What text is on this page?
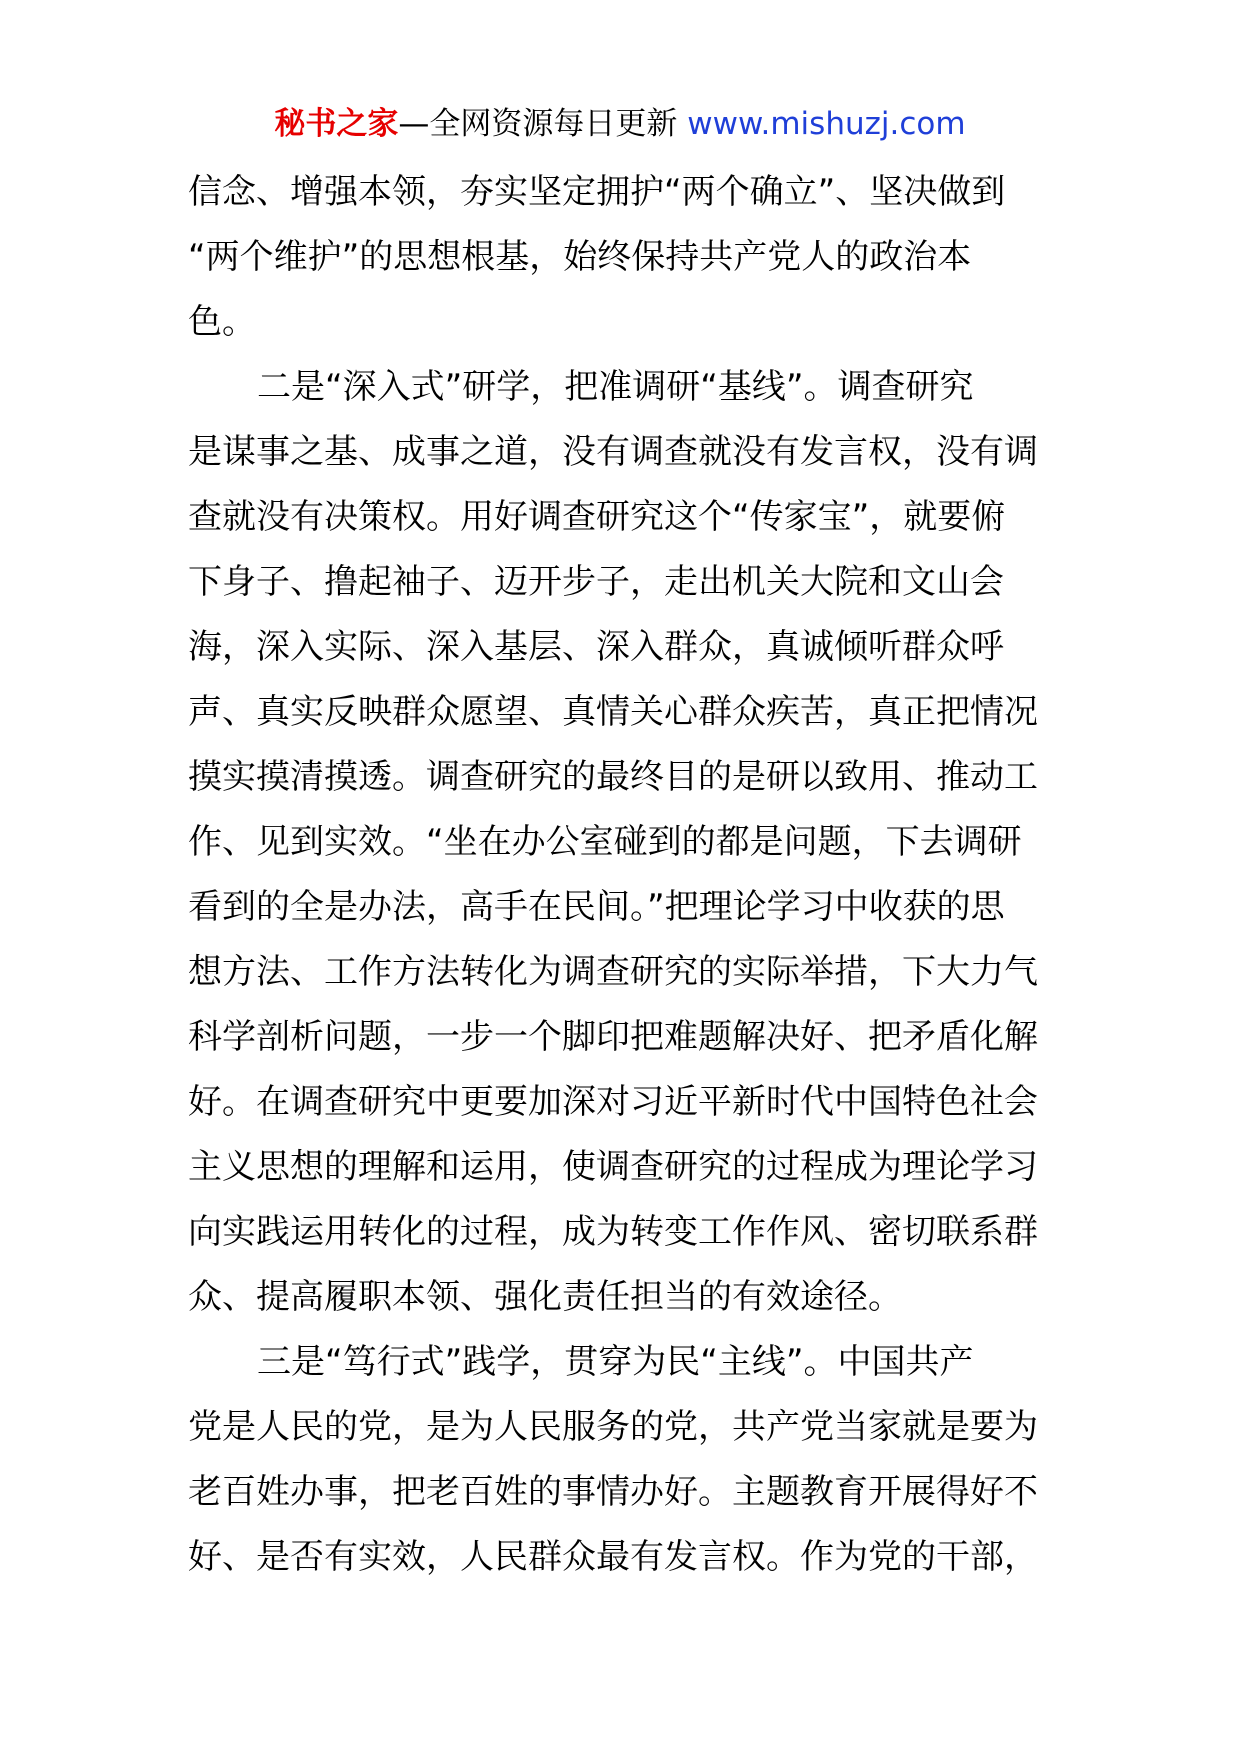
秘书之家—全网资源每日更新 www.mishuzj.com
信念、增强本领，夯实坚定拥护“两个确立”、坚决做到
“两个维护”的思想根基，始终保持共产党人的政治本
色。
二是“深入式”研学，把准调研“基线”。调查研究
是谋事之基、成事之道，没有调查就没有发言权，没有调
查就没有决策权。用好调查研究这个“传家宝”，就要俯
下身子、撸起袖子、迈开步子，走出机关大院和文山会
海，深入实际、深入基层、深入群众，真诚倾听群众呼
声、真实反映群众愿望、真情关心群众疾苦，真正把情况
摸实摸清摸透。调查研究的最终目的是研以致用、推动工
作、见到实效。“坐在办公室碰到的都是问题，下去调研
看到的全是办法，高手在民间。”把理论学习中收获的思
想方法、工作方法转化为调查研究的实际举措，下大力气
科学剖析问题，一步一个脚印把难题解决好、把矛盾化解
好。在调查研究中更要加深对习近平新时代中国特色社会
主义思想的理解和运用，使调查研究的过程成为理论学习
向实践运用转化的过程，成为转变工作作风、密切联系群
众、提高履职本领、强化责任担当的有效途径。
三是“笃行式”践学，贯穿为民“主线”。中国共产
党是人民的党，是为人民服务的党，共产党当家就是要为
老百姓办事，把老百姓的事情办好。主题教育开展得好不
好、是否有实效，人民群众最有发言权。作为党的干部，
